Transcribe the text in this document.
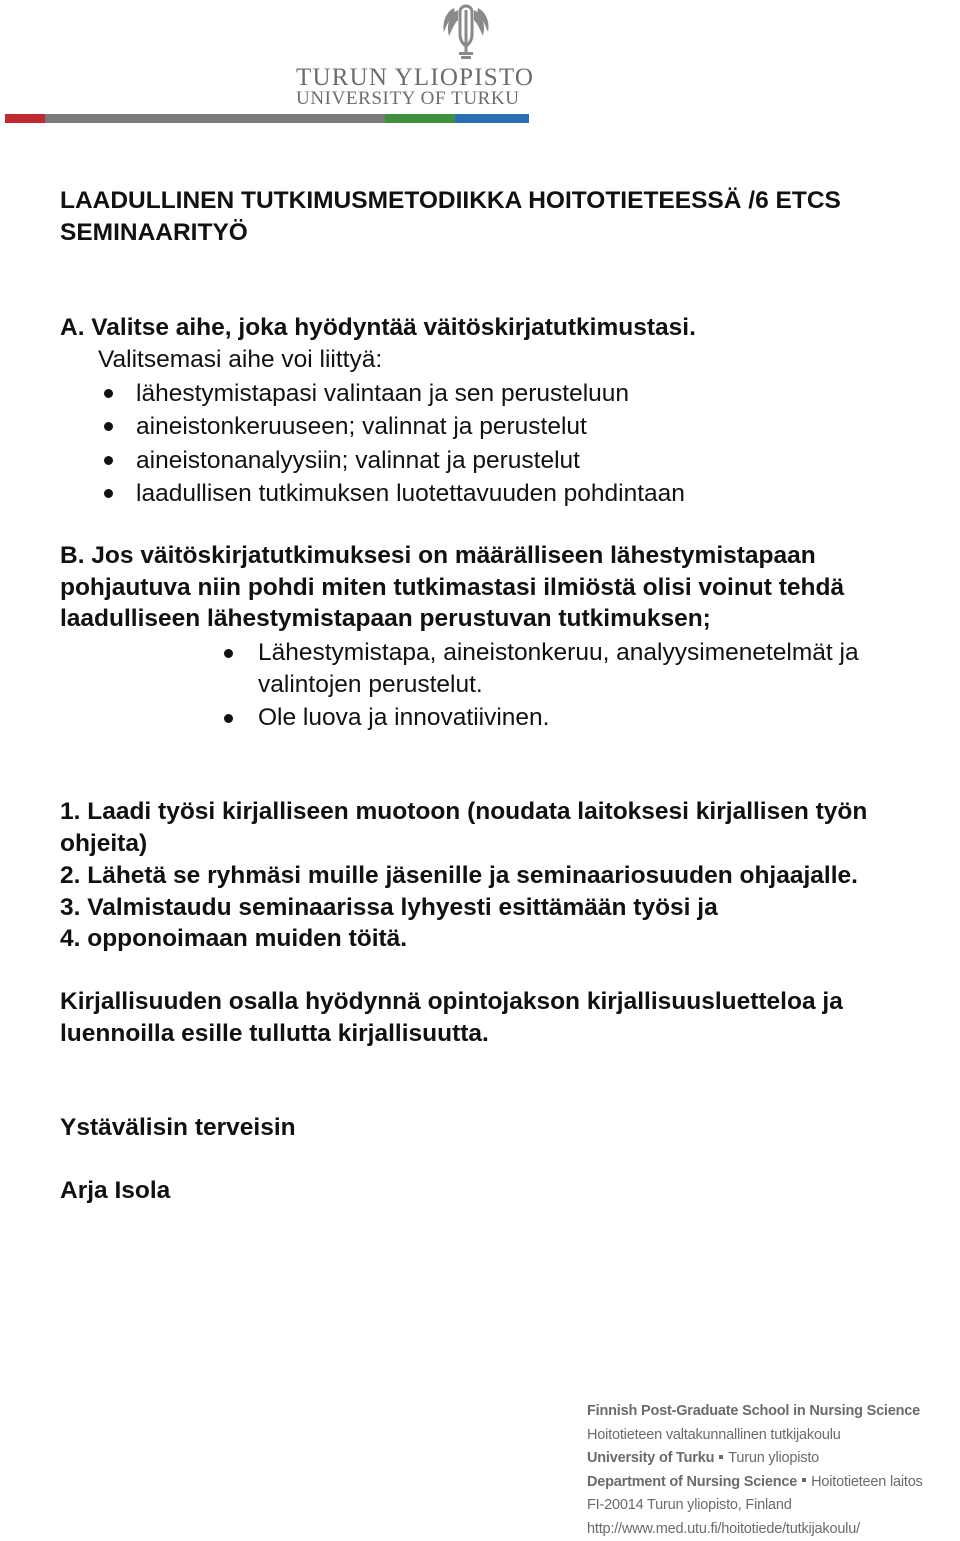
TURUN YLIOPISTO
UNIVERSITY OF TURKU
LAADULLINEN TUTKIMUSMETODIIKKA HOITOTIETEESSÄ /6 ETCS
SEMINAARITYÖ
A. Valitse aihe, joka hyödyntää väitöskirjatutkimustasi.
Valitsemasi aihe voi liittyä:
lähestymistapasi valintaan ja sen perusteluun
aineistonkeruuseen; valinnat ja perustelut
aineistonanalyysiin; valinnat ja perustelut
laadullisen tutkimuksen luotettavuuden pohdintaan
B. Jos väitöskirjatutkimuksesi on määrälliseen lähestymistapaan
pohjautuva niin pohdi miten tutkimastasi ilmiöstä olisi voinut tehdä
laadulliseen lähestymistapaan perustuvan tutkimuksen;
Lähestymistapa, aineistonkeruu, analyysimenetelmät ja
valintojen perustelut.
Ole luova ja innovatiivinen.
1. Laadi työsi kirjalliseen muotoon (noudata laitoksesi kirjallisen työn
ohjeita)
2. Lähetä se ryhmäsi muille jäsenille ja seminaariosuuden ohjaajalle.
3. Valmistaudu seminaarissa lyhyesti esittämään työsi ja
4. opponoimaan muiden töitä.
Kirjallisuuden osalla hyödynnä opintojakson kirjallisuusluetteloa ja
luennoilla esille tullutta kirjallisuutta.
Ystävälisin terveisin
Arja Isola
Finnish Post-Graduate School in Nursing Science
Hoitotieteen valtakunnallinen tutkijakoulu
University of Turku Turun yliopisto
Department of Nursing Science Hoitotieteen laitos
FI-20014 Turun yliopisto, Finland
http://www.med.utu.fi/hoitotiede/tutkijakoulu/
